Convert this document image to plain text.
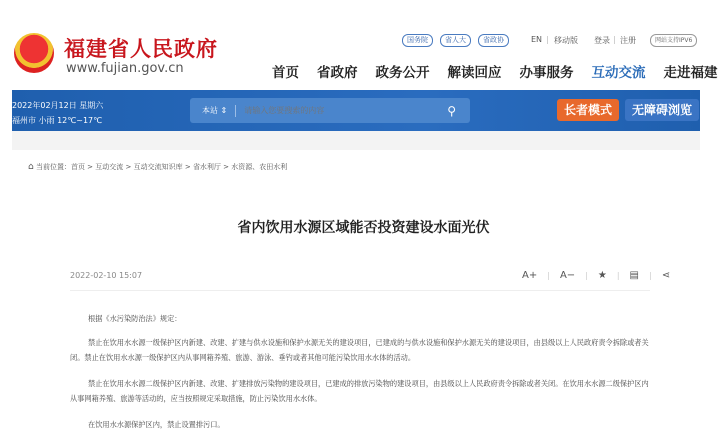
福建省人民政府
www.fujian.gov.cn
国务院	省人大	省政协	EN | 移动版 登录 | 注册	网站支持IPV6
首页 省政府 政务公开 解读回应 办事服务 互动交流 走进福建
2022年02月12日 星期六
福州市 小雨 12℃~17℃
本站 ⇕
请输入您要搜索的内容	⚲	长者模式	无障碍浏览
⌂ 当前位置：首页 > 互动交流 > 互动交流知识库 > 省水利厅 > 水资源、农田水利
省内饮用水源区域能否投资建设水面光伏
2022-02-10 15:07	A+ | A− | ★ | ▤ | ⋖
根据《水污染防治法》规定：
禁止在饮用水水源一级保护区内新建、改建、扩建与供水设施和保护水源无关的建设项目，已建成的与供水设施和保护水源无关的建设项目，由县级以上人民政府责令拆除或者关闭。禁止在饮用水水源一级保护区内从事网箱养殖、旅游、游泳、垂钓或者其他可能污染饮用水水体的活动。
禁止在饮用水水源二级保护区内新建、改建、扩建排放污染物的建设项目，已建成的排放污染物的建设项目，由县级以上人民政府责令拆除或者关闭。在饮用水水源二级保护区内从事网箱养殖、旅游等活动的，应当按照规定采取措施，防止污染饮用水水体。
在饮用水水源保护区内，禁止设置排污口。
